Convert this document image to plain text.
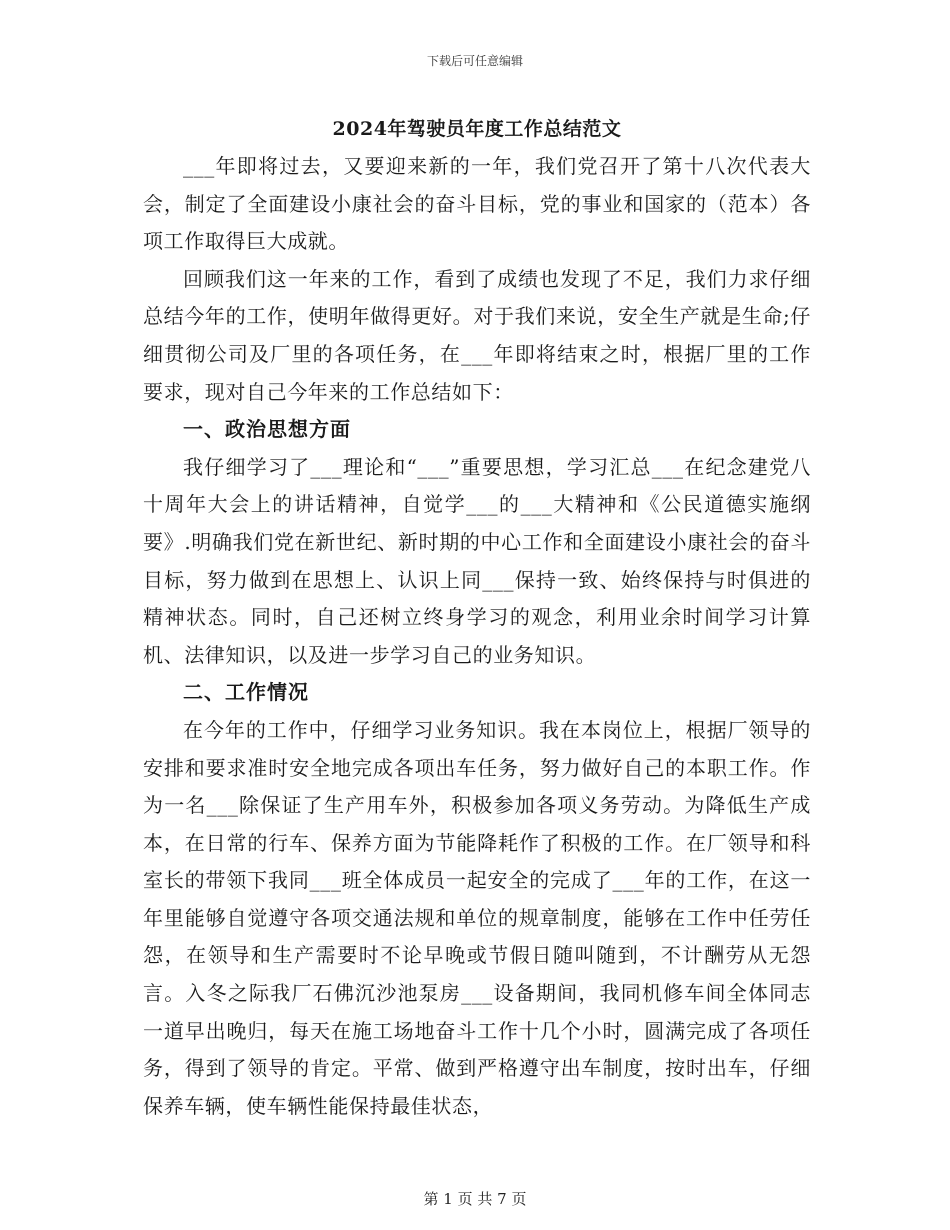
下载后可任意编辑
2024年驾驶员年度工作总结范文

___年即将过去，又要迎来新的一年，我们党召开了第十八次代表大会，制定了全面建设小康社会的奋斗目标，党的事业和国家的（范本）各项工作取得巨大成就。

回顾我们这一年来的工作，看到了成绩也发现了不足，我们力求仔细总结今年的工作，使明年做得更好。对于我们来说，安全生产就是生命;仔细贯彻公司及厂里的各项任务，在___年即将结束之时，根据厂里的工作要求，现对自己今年来的工作总结如下：

一、政治思想方面

我仔细学习了___理论和“___”重要思想，学习汇总___在纪念建党八十周年大会上的讲话精神，自觉学___的___大精神和《公民道德实施纲要》.明确我们党在新世纪、新时期的中心工作和全面建设小康社会的奋斗目标，努力做到在思想上、认识上同___保持一致、始终保持与时俱进的精神状态。同时，自己还树立终身学习的观念，利用业余时间学习计算机、法律知识，以及进一步学习自己的业务知识。

二、工作情况

在今年的工作中，仔细学习业务知识。我在本岗位上，根据厂领导的安排和要求准时安全地完成各项出车任务，努力做好自己的本职工作。作为一名___除保证了生产用车外，积极参加各项义务劳动。为降低生产成本，在日常的行车、保养方面为节能降耗作了积极的工作。在厂领导和科室长的带领下我同___班全体成员一起安全的完成了___年的工作，在这一年里能够自觉遵守各项交通法规和单位的规章制度，能够在工作中任劳任怨，在领导和生产需要时不论早晚或节假日随叫随到，不计酬劳从无怨言。入冬之际我厂石佛沉沙池泵房___设备期间，我同机修车间全体同志一道早出晚归，每天在施工场地奋斗工作十几个小时，圆满完成了各项任务，得到了领导的肯定。平常、做到严格遵守出车制度，按时出车，仔细保养车辆，使车辆性能保持最佳状态，

第 1 页 共 7 页
